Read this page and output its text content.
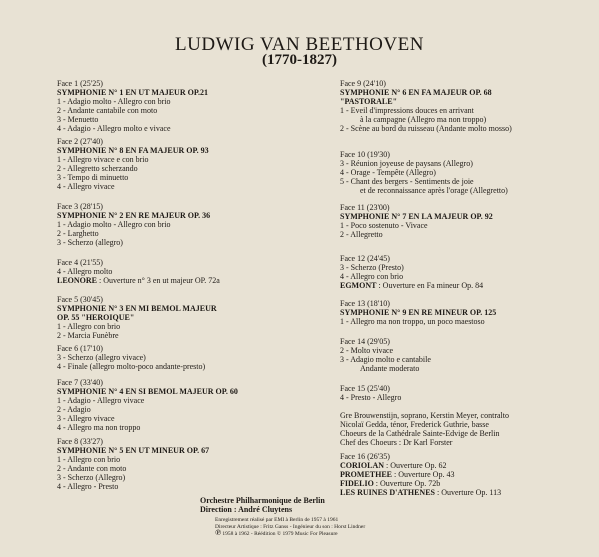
LUDWIG VAN BEETHOVEN
(1770-1827)
Face 1 (25'25)
SYMPHONIE N° 1 EN UT MAJEUR OP.21
1 - Adagio molto - Allegro con brio
2 - Andante cantabile con moto
3 - Menuetto
4 - Adagio - Allegro molto e vivace
Face 2 (27'40)
SYMPHONIE N° 8 EN FA MAJEUR OP. 93
1 - Allegro vivace e con brio
2 - Allegretto scherzando
3 - Tempo di minuetto
4 - Allegro vivace
Face 3 (28'15)
SYMPHONIE N° 2 EN RE MAJEUR OP. 36
1 - Adagio molto - Allegro con brio
2 - Larghetto
3 - Scherzo (allegro)
Face 4 (21'55)
4 - Allegro molto
LEONORE : Ouverture n° 3 en ut majeur OP. 72a
Face 5 (30'45)
SYMPHONIE N° 3 EN MI BEMOL MAJEUR
OP. 55 "HEROIQUE"
1 - Allegro con brio
2 - Marcia Funèbre
Face 6 (17'10)
3 - Scherzo (allegro vivace)
4 - Finale (allegro molto-poco andante-presto)
Face 7 (33'40)
SYMPHONIE N° 4 EN SI BEMOL MAJEUR OP. 60
1 - Adagio - Allegro vivace
2 - Adagio
3 - Allegro vivace
4 - Allegro ma non troppo
Face 8 (33'27)
SYMPHONIE N° 5 EN UT MINEUR OP. 67
1 - Allegro con brio
2 - Andante con moto
3 - Scherzo (Allegro)
4 - Allegro - Presto
Face 9 (24'10)
SYMPHONIE N° 6 EN FA MAJEUR OP. 68
"PASTORALE"
1 - Eveil d'impressions douces en arrivant
à la campagne (Allegro ma non troppo)
2 - Scène au bord du ruisseau (Andante molto mosso)
Face 10 (19'30)
3 - Réunion joyeuse de paysans (Allegro)
4 - Orage - Tempête (Allegro)
5 - Chant des bergers - Sentiments de joie
et de reconnaissance après l'orage (Allegretto)
Face 11 (23'00)
SYMPHONIE N° 7 EN LA MAJEUR OP. 92
1 - Poco sostenuto - Vivace
2 - Allegretto
Face 12 (24'45)
3 - Scherzo (Presto)
4 - Allegro con brio
EGMONT : Ouverture en Fa mineur Op. 84
Face 13 (18'10)
SYMPHONIE N° 9 EN RE MINEUR OP. 125
1 - Allegro ma non troppo, un poco maestoso
Face 14 (29'05)
2 - Molto vivace
3 - Adagio molto e cantabile
Andante moderato
Face 15 (25'40)
4 - Presto - Allegro

Gre Brouwenstijn, soprano, Kerstin Meyer, contralto
Nicolaï Gedda, ténor, Frederick Guthrie, basse
Choeurs de la Cathédrale Sainte-Edvige de Berlin
Chef des Choeurs : Dr Karl Forster
Face 16 (26'35)
CORIOLAN : Ouverture Op. 62
PROMETHEE : Ouverture Op. 43
FIDELIO : Ouverture Op. 72b
LES RUINES D'ATHENES : Ouverture Op. 113
Orchestre Philharmonique de Berlin
Direction : André Cluytens
Enregistrement réalisé par EMI à Berlin de 1957 à 1961
Directeur Artistique : Fritz Ganss - Ingénieur du son : Horst Lindner
℗ 1958 à 1962 - Réédition © 1979 Music For Pleasure
